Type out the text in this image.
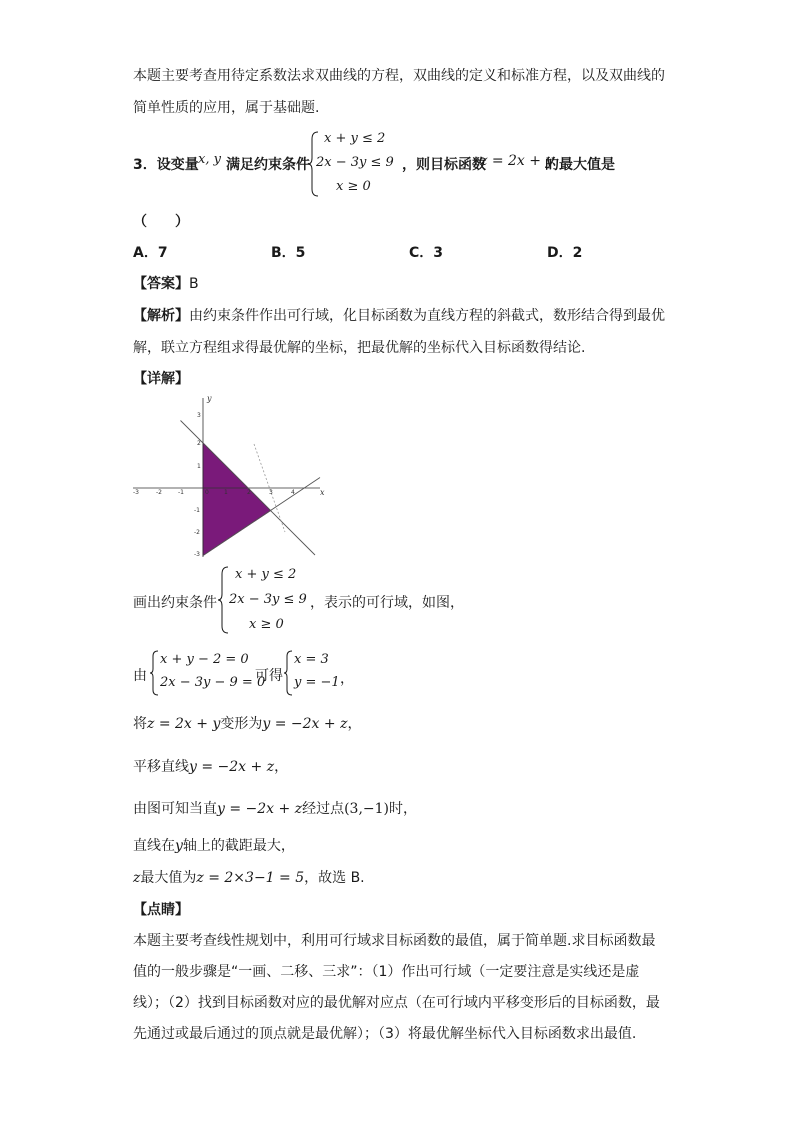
本题主要考查用待定系数法求双曲线的方程，双曲线的定义和标准方程，以及双曲线的
简单性质的应用，属于基础题.
3．设变量 x, y 满足约束条件
x + y ≤ 2
2x − 3y ≤ 9
x ≥ 0
，则目标函数
z = 2x + y
的最大值是
（　　）
A．7	B．5	C．3	D．2
【答案】B
【解析】由约束条件作出可行域，化目标函数为直线方程的斜截式，数形结合得到最优
解，联立方程组求得最优解的坐标，把最优解的坐标代入目标函数得结论.
【详解】
-3	-2	-1	0	1	2	3	4
3
2
1
-1
-2
-3
x
y
画出约束条件
x + y ≤ 2
2x − 3y ≤ 9
x ≥ 0
，表示的可行域，如图，
由
x + y − 2 = 0
2x − 3y − 9 = 0
可得
x = 3
y = −1 ，
将z = 2x + y变形为y = −2x + z，
平移直线y = −2x + z，
由图可知当直y = −2x + z经过点(3,−1)时，
直线在y轴上的截距最大，
z最大值为z = 2×3−1 = 5，故选 B.
【点睛】
本题主要考查线性规划中，利用可行域求目标函数的最值，属于简单题.求目标函数最
值的一般步骤是“一画、二移、三求”：（1）作出可行域（一定要注意是实线还是虚
线）；（2）找到目标函数对应的最优解对应点（在可行域内平移变形后的目标函数，最
先通过或最后通过的顶点就是最优解）；（3）将最优解坐标代入目标函数求出最值.
